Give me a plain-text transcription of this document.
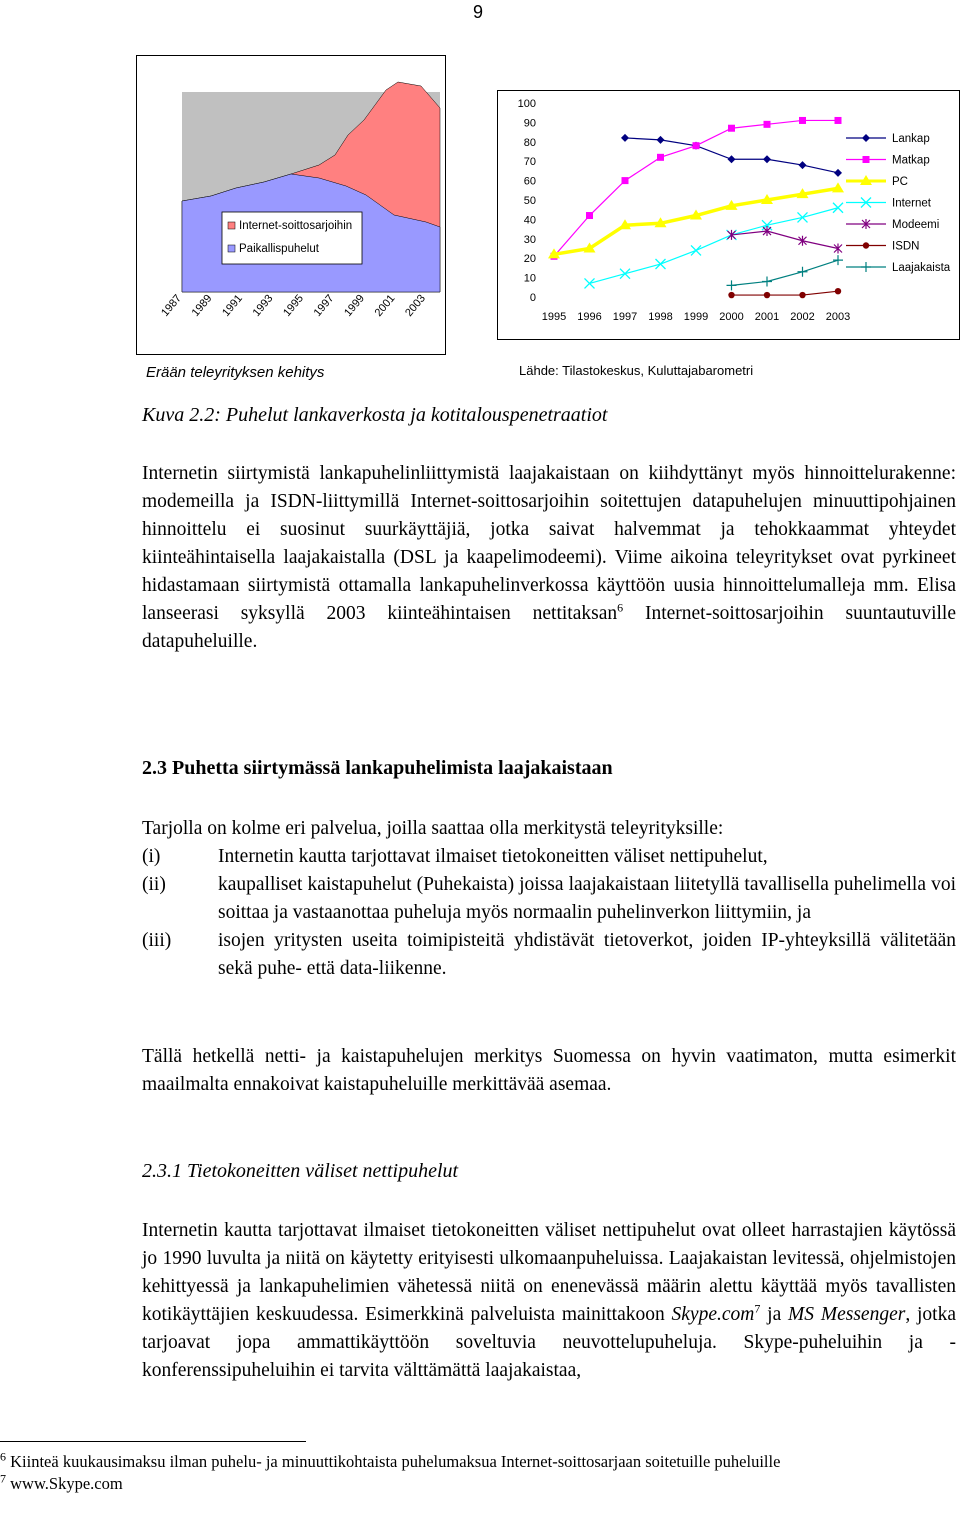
9
1987 1989 1991 1993 1995 1997 1999 2001 2003
Internet-soittosarjoihin
Paikallispuhelut
0
10
20
30
40
50
60
70
80
90
100
1995 1996 1997 1998 1999 2000 2001 2002 2003
Lankap
Matkap
PC
Internet
Modeemi
ISDN
Laajakaista
Erään teleyrityksen kehitys	Lähde: Tilastokeskus, Kuluttajabarometri
Kuva 2.2: Puhelut lankaverkosta ja kotitalouspenetraatiot

Internetin siirtymistä lankapuhelinliittymistä laajakaistaan on kiihdyttänyt myös hinnoittelurakenne: modemeilla ja ISDN-liittymillä Internet-soittosarjoihin soitettujen datapuhelujen minuuttipohjainen hinnoittelu ei suosinut suurkäyttäjiä, jotka saivat halvemmat ja tehokkaammat yhteydet kiinteähintaisella laajakaistalla (DSL ja kaapelimodeemi). Viime aikoina teleyritykset ovat pyrkineet hidastamaan siirtymistä ottamalla lankapuhelinverkossa käyttöön uusia hinnoittelumalleja mm. Elisa lanseerasi syksyllä 2003 kiinteähintaisen nettitaksan$^6$ Internet-soittosarjoihin suuntautuville datapuheluille.

2.3 Puhetta siirtymässä lankapuhelimista laajakaistaan

Tarjolla on kolme eri palvelua, joilla saattaa olla merkitystä teleyrityksille:

(i)	Internetin kautta tarjottavat ilmaiset tietokoneitten väliset nettipuhelut,
(ii)	kaupalliset kaistapuhelut (Puhekaista) joissa laajakaistaan liitetyllä tavallisella puhelimella voi soittaa ja vastaanottaa puheluja myös normaalin puhelinverkon liittymiin, ja
(iii)	isojen yritysten useita toimipisteitä yhdistävät tietoverkot, joiden IP-yhteyksillä välitetään sekä puhe- että data-liikenne.
Tällä hetkellä netti- ja kaistapuhelujen merkitys Suomessa on hyvin vaatimaton, mutta esimerkit maailmalta ennakoivat kaistapuheluille merkittävää asemaa.
2.3.1 Tietokoneitten väliset nettipuhelut

Internetin kautta tarjottavat ilmaiset tietokoneitten väliset nettipuhelut ovat olleet harrastajien käytössä jo 1990 luvulta ja niitä on käytetty erityisesti ulkomaanpuheluissa. Laajakaistan levitessä, ohjelmistojen kehittyessä ja lankapuhelimien vähetessä niitä on enenevässä määrin alettu käyttää myös tavallisten kotikäyttäjien keskuudessa. Esimerkkinä palveluista mainittakoon Skype.com$^7$ ja MS Messenger, jotka tarjoavat jopa ammattikäyttöön soveltuvia neuvottelupuheluja. Skype-puheluihin ja -konferenssipuheluihin ei tarvita välttämättä laajakaistaa,

$^6$ Kiinteä kuukausimaksu ilman puhelu- ja minuuttikohtaista puhelumaksua Internet-soittosarjaan soitetuille puheluille
$^7$ www.Skype.com
